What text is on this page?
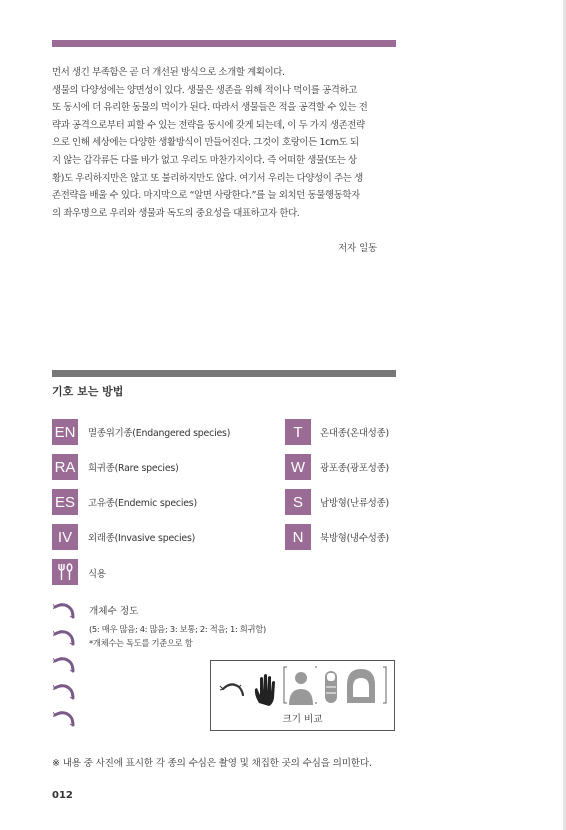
먼서 생긴 부족함은 곧 더 개선된 방식으로 소개할 계획이다.

생물의 다양성에는 양면성이 있다. 생물은 생존을 위해 적이나 먹이를 공격하고

또 동시에 더 유리한 동물의 먹이가 된다. 따라서 생물들은 적을 공격할 수 있는 전

략과 공격으로부터 피할 수 있는 전략을 동시에 갖게 되는데, 이 두 가지 생존전략

으로 인해 세상에는 다양한 생활방식이 만들어진다. 그것이 호랑이든 1cm도 되

지 않는 갑각류든 다를 바가 없고 우리도 마찬가지이다. 즉 어떠한 생물(또는 상

황)도 우리하지만은 않고 또 불리하지만도 않다. 여기서 우리는 다양성이 주는 생

존전략을 배울 수 있다. 마지막으로 “알면 사랑한다.”를 늘 외치던 동물행동학자

의 좌우명으로 우리와 생물과 독도의 중요성을 대표하고자 한다.

저자 일동
기호 보는 방법
EN 멸종위기종(Endangered species)
RA 희귀종(Rare species)
ES	고유종(Endemic species)
IV	외래종(Invasive species)
식용
T	온대종(온대성종)
W	광포종(광포성종)
S	남방형(난류성종)
N	북방형(냉수성종)
개체수 정도
(5: 매우 많음; 4: 많음; 3: 보통; 2: 적음; 1: 희귀함)
*개체수는 독도를 기준으로 함
크기 비교
※ 내용 중 사진에 표시한 각 종의 수심은 촬영 및 채집한 곳의 수심을 의미한다.
012
